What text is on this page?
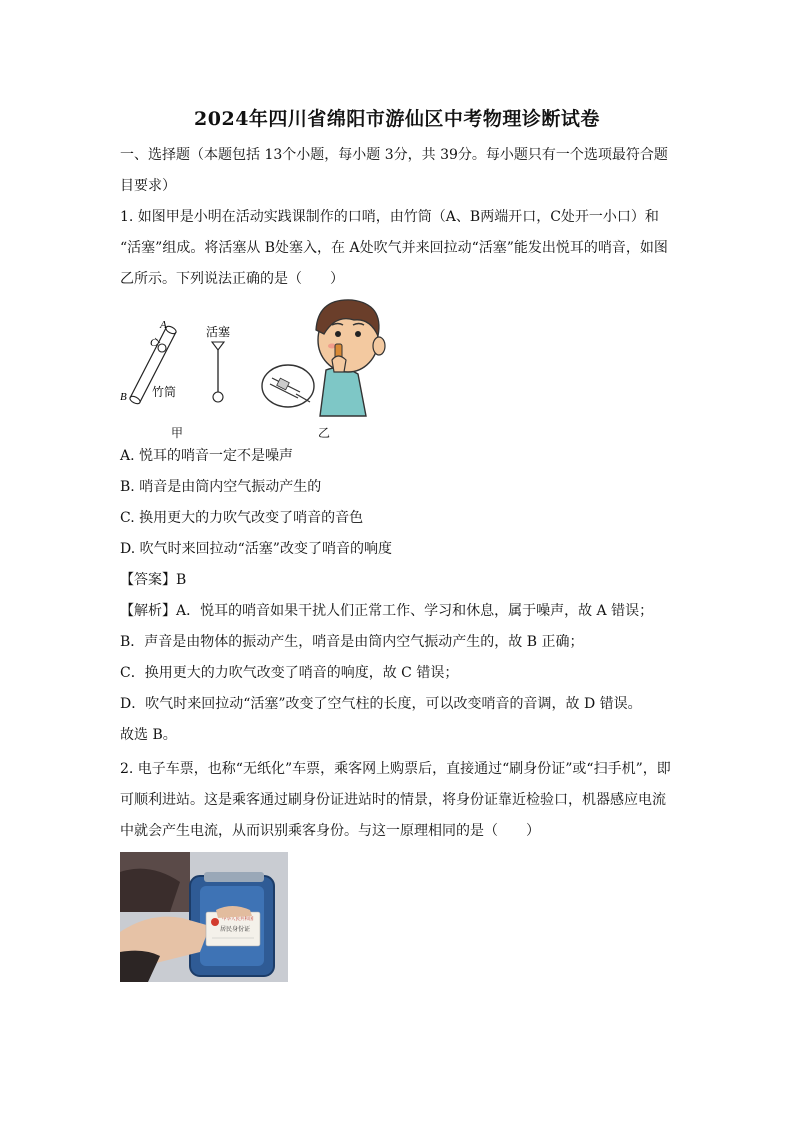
2024年四川省绵阳市游仙区中考物理诊断试卷
一、选择题（本题包括 13个小题，每小题 3分，共 39分。每小题只有一个选项最符合题
目要求）
1. 如图甲是小明在活动实践课制作的口哨，由竹筒（A、B两端开口，C处开一小口）和
“活塞”组成。将活塞从 B处塞入，在 A处吹气并来回拉动“活塞”能发出悦耳的哨音，如图
乙所示。下列说法正确的是（　　）
A
C
B 竹筒
活塞
甲	乙
A. 悦耳的哨音一定不是噪声
B. 哨音是由筒内空气振动产生的
C. 换用更大的力吹气改变了哨音的音色
D. 吹气时来回拉动“活塞”改变了哨音的响度
【答案】B
【解析】A．悦耳的哨音如果干扰人们正常工作、学习和休息，属于噪声，故 A 错误；
B．声音是由物体的振动产生，哨音是由筒内空气振动产生的，故 B 正确；
C．换用更大的力吹气改变了哨音的响度，故 C 错误；
D．吹气时来回拉动“活塞”改变了空气柱的长度，可以改变哨音的音调，故 D 错误。
故选 B。
2. 电子车票，也称“无纸化”车票，乘客网上购票后，直接通过“刷身份证”或“扫手机”，即
可顺利进站。这是乘客通过刷身份证进站时的情景，将身份证靠近检验口，机器感应电流
中就会产生电流，从而识别乘客身份。与这一原理相同的是（　　）
中华人民共和国
居民身份证
